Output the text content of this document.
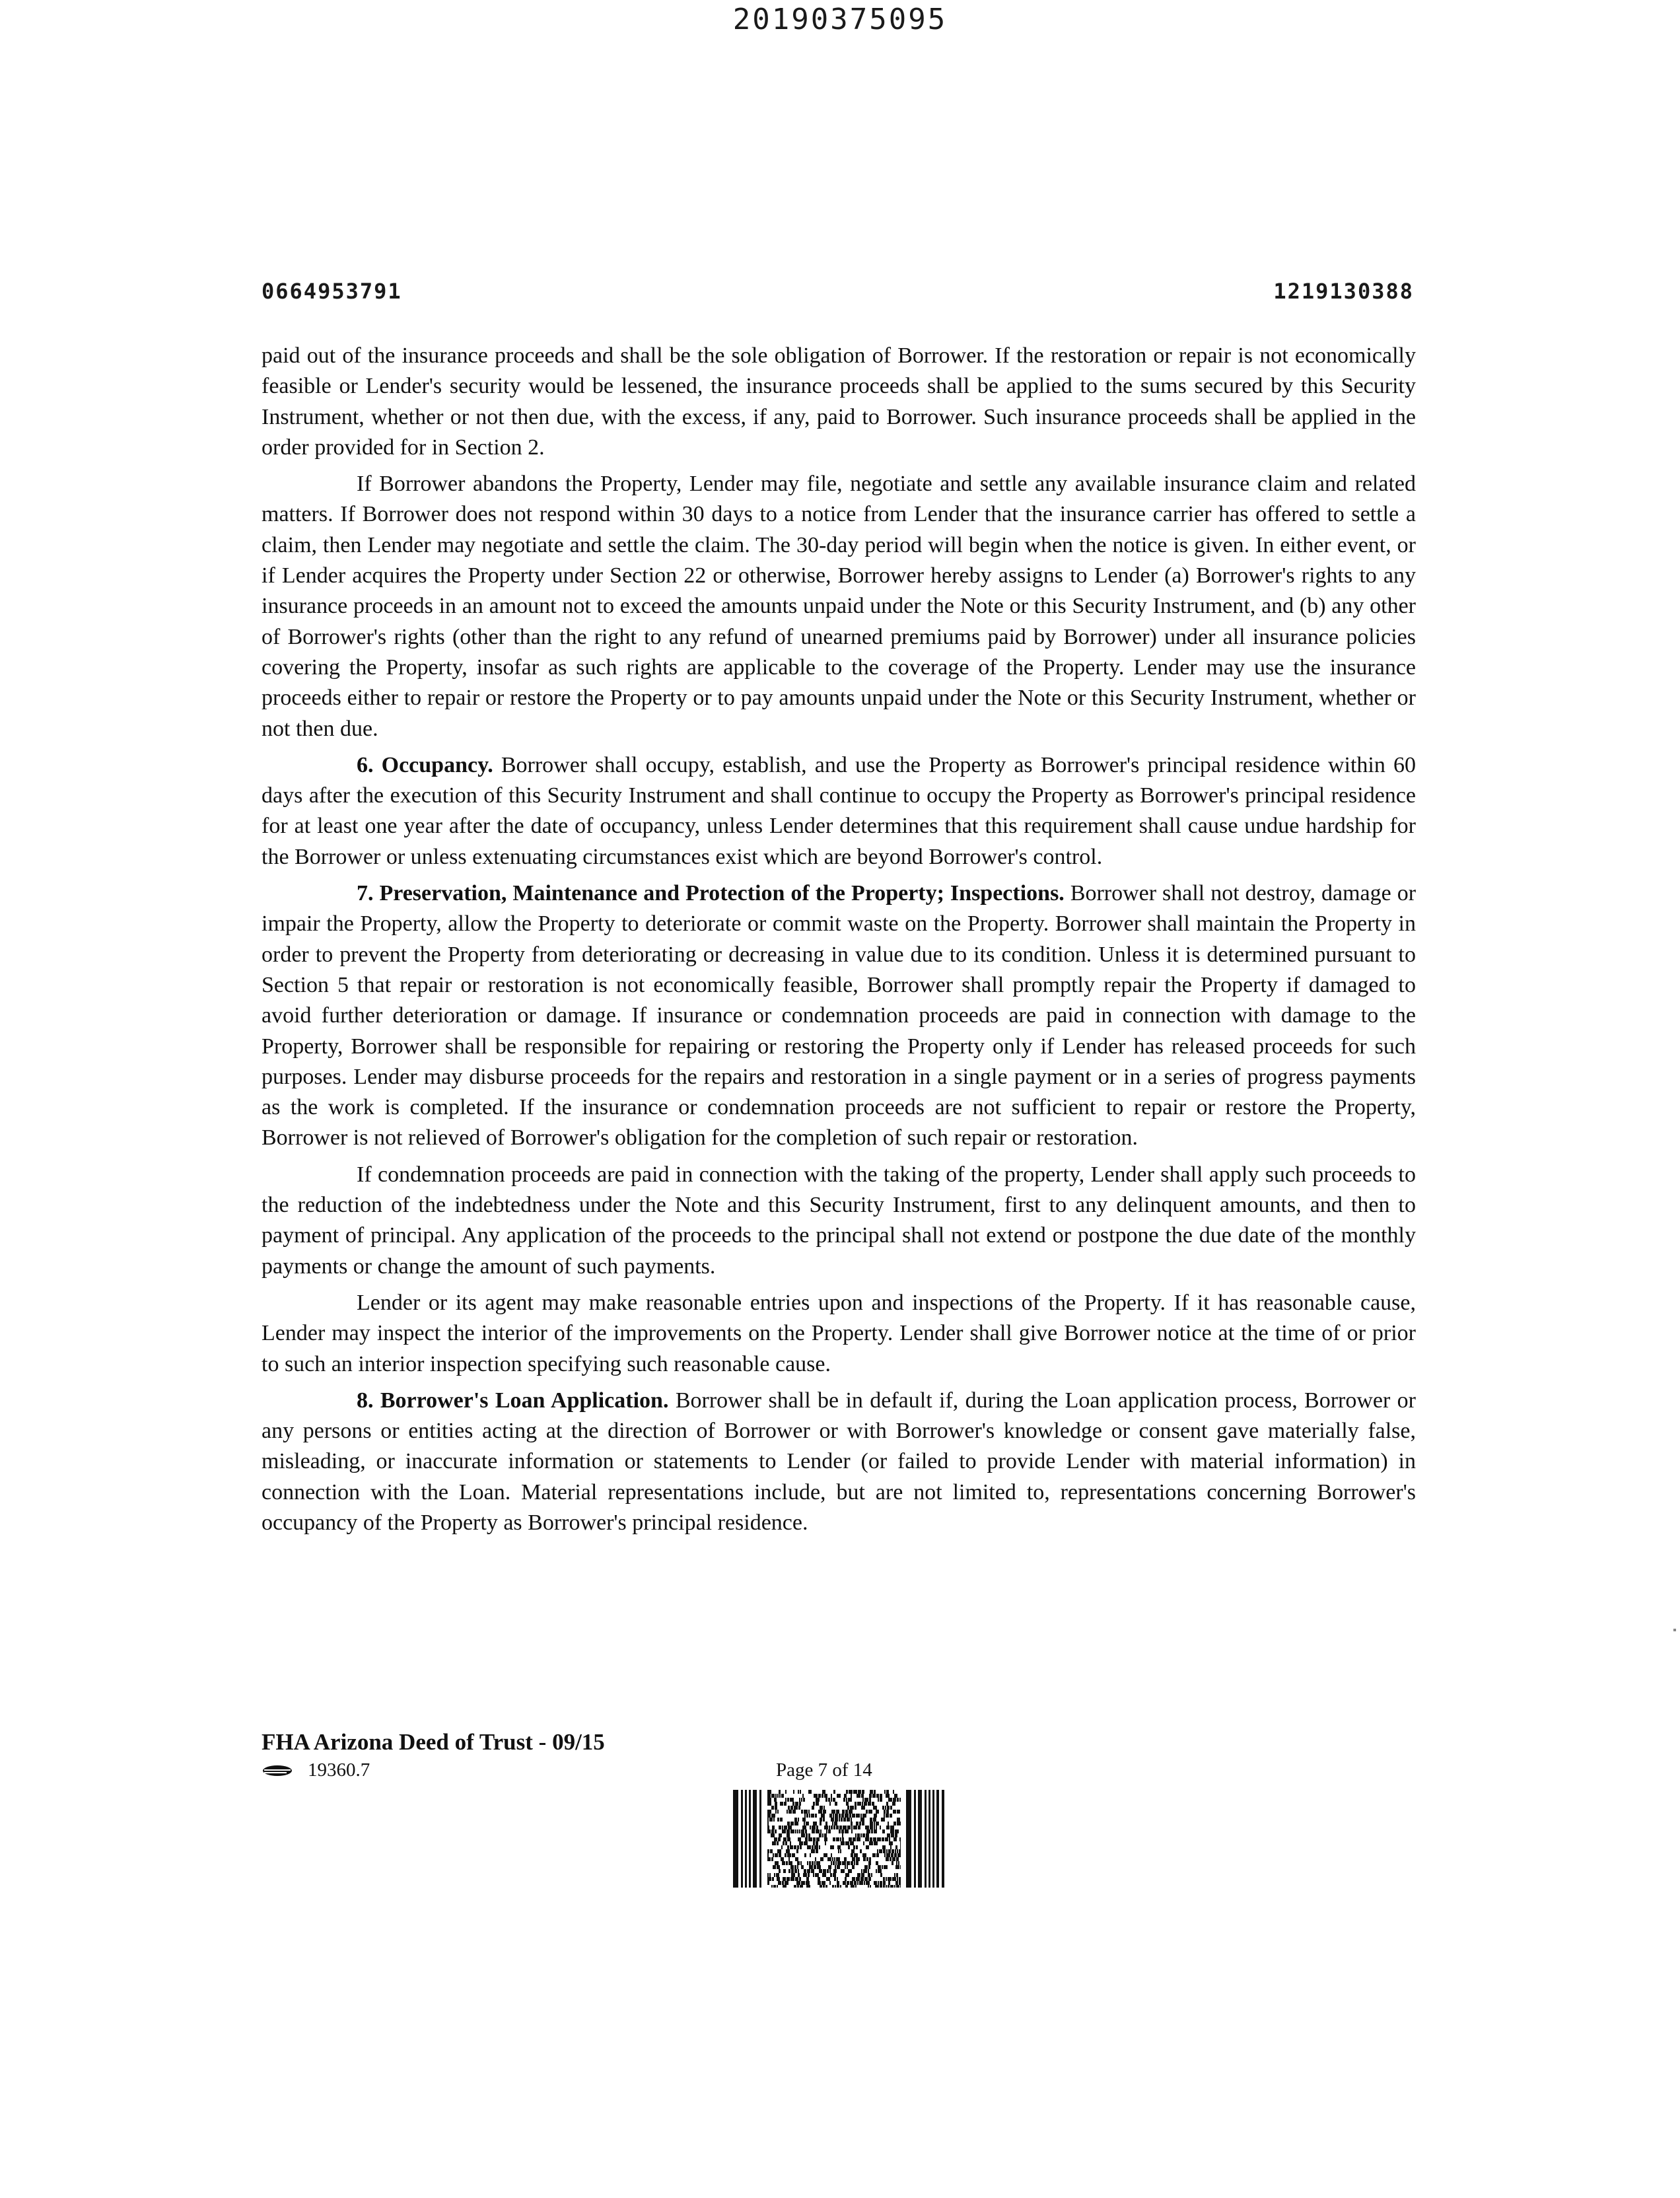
20190375095
0664953791	1219130388

paid out of the insurance proceeds and shall be the sole obligation of Borrower. If the restoration or repair is not economically feasible or Lender's security would be lessened, the insurance proceeds shall be applied to the sums secured by this Security Instrument, whether or not then due, with the excess, if any, paid to Borrower. Such insurance proceeds shall be applied in the order provided for in Section 2.

If Borrower abandons the Property, Lender may file, negotiate and settle any available insurance claim and related matters. If Borrower does not respond within 30 days to a notice from Lender that the insurance carrier has offered to settle a claim, then Lender may negotiate and settle the claim. The 30-day period will begin when the notice is given. In either event, or if Lender acquires the Property under Section 22 or otherwise, Borrower hereby assigns to Lender (a) Borrower's rights to any insurance proceeds in an amount not to exceed the amounts unpaid under the Note or this Security Instrument, and (b) any other of Borrower's rights (other than the right to any refund of unearned premiums paid by Borrower) under all insurance policies covering the Property, insofar as such rights are applicable to the coverage of the Property. Lender may use the insurance proceeds either to repair or restore the Property or to pay amounts unpaid under the Note or this Security Instrument, whether or not then due.

6. Occupancy. Borrower shall occupy, establish, and use the Property as Borrower's principal residence within 60 days after the execution of this Security Instrument and shall continue to occupy the Property as Borrower's principal residence for at least one year after the date of occupancy, unless Lender determines that this requirement shall cause undue hardship for the Borrower or unless extenuating circumstances exist which are beyond Borrower's control.

7. Preservation, Maintenance and Protection of the Property; Inspections. Borrower shall not destroy, damage or impair the Property, allow the Property to deteriorate or commit waste on the Property. Borrower shall maintain the Property in order to prevent the Property from deteriorating or decreasing in value due to its condition. Unless it is determined pursuant to Section 5 that repair or restoration is not economically feasible, Borrower shall promptly repair the Property if damaged to avoid further deterioration or damage. If insurance or condemnation proceeds are paid in connection with damage to the Property, Borrower shall be responsible for repairing or restoring the Property only if Lender has released proceeds for such purposes. Lender may disburse proceeds for the repairs and restoration in a single payment or in a series of progress payments as the work is completed. If the insurance or condemnation proceeds are not sufficient to repair or restore the Property, Borrower is not relieved of Borrower's obligation for the completion of such repair or restoration.

If condemnation proceeds are paid in connection with the taking of the property, Lender shall apply such proceeds to the reduction of the indebtedness under the Note and this Security Instrument, first to any delinquent amounts, and then to payment of principal. Any application of the proceeds to the principal shall not extend or postpone the due date of the monthly payments or change the amount of such payments.

Lender or its agent may make reasonable entries upon and inspections of the Property. If it has reasonable cause, Lender may inspect the interior of the improvements on the Property. Lender shall give Borrower notice at the time of or prior to such an interior inspection specifying such reasonable cause.

8. Borrower's Loan Application. Borrower shall be in default if, during the Loan application process, Borrower or any persons or entities acting at the direction of Borrower or with Borrower's knowledge or consent gave materially false, misleading, or inaccurate information or statements to Lender (or failed to provide Lender with material information) in connection with the Loan. Material representations include, but are not limited to, representations concerning Borrower's occupancy of the Property as Borrower's principal residence.

FHA Arizona Deed of Trust - 09/15
19360.7	Page 7 of 14
